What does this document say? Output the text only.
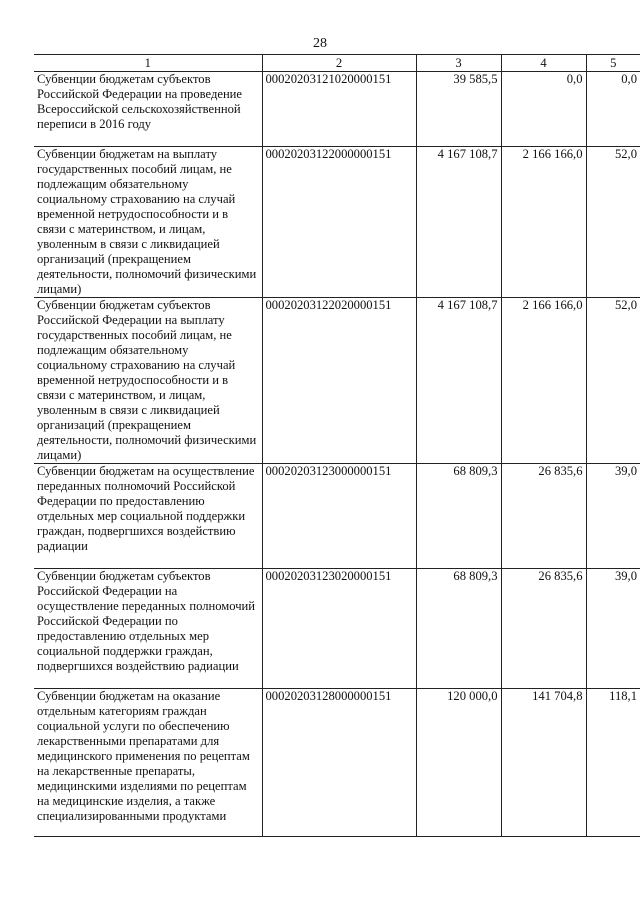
28
1	2	3	4	5
Субвенции бюджетам субъектов Российской Федерации на проведение Всероссийской сельскохозяйственной переписи в 2016 году	00020203121020000151	39 585,5	0,0	0,0
Субвенции бюджетам на выплату государственных пособий лицам, не подлежащим обязательному социальному страхованию на случай временной нетрудоспособности и в связи с материнством, и лицам, уволенным в связи с ликвидацией организаций (прекращением деятельности, полномочий физическими лицами)	00020203122000000151	4 167 108,7	2 166 166,0	52,0
Субвенции бюджетам субъектов Российской Федерации на выплату государственных пособий лицам, не подлежащим обязательному социальному страхованию на случай временной нетрудоспособности и в связи с материнством, и лицам, уволенным в связи с ликвидацией организаций (прекращением деятельности, полномочий физическими лицами)	00020203122020000151	4 167 108,7	2 166 166,0	52,0
Субвенции бюджетам на осуществление переданных полномочий Российской Федерации по предоставлению отдельных мер социальной поддержки граждан, подвергшихся воздействию радиации	00020203123000000151	68 809,3	26 835,6	39,0
Субвенции бюджетам субъектов Российской Федерации на осуществление переданных полномочий Российской Федерации по предоставлению отдельных мер социальной поддержки граждан, подвергшихся воздействию радиации	00020203123020000151	68 809,3	26 835,6	39,0
Субвенции бюджетам на оказание отдельным категориям граждан социальной услуги по обеспечению лекарственными препаратами для медицинского применения по рецептам на лекарственные препараты, медицинскими изделиями по рецептам на медицинские изделия, а также специализированными продуктами	00020203128000000151	120 000,0	141 704,8	118,1
